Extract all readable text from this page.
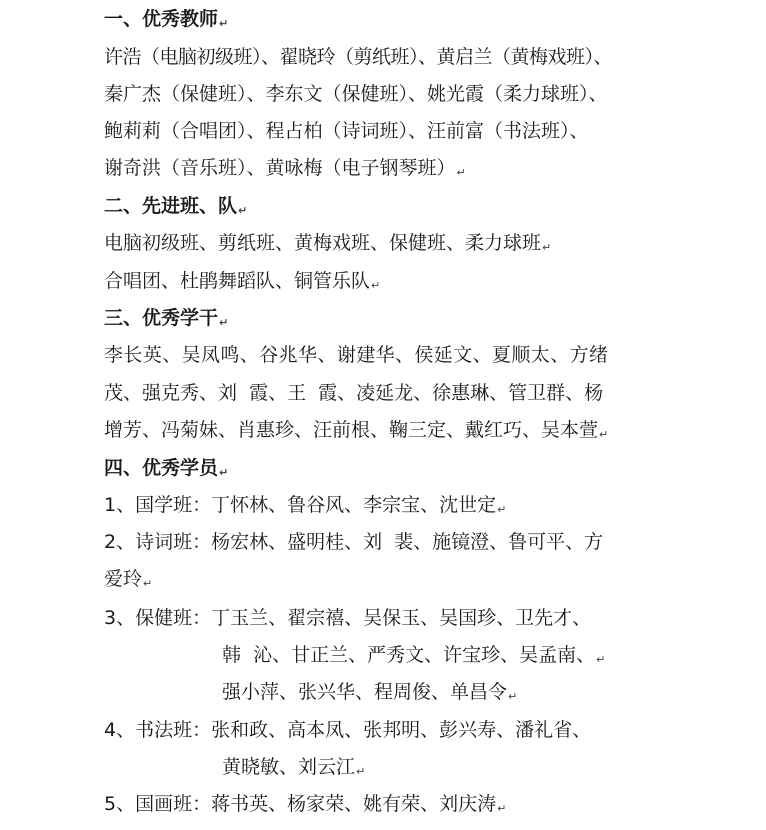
一、优秀教师↵
许浩（电脑初级班）、翟晓玲（剪纸班）、黄启兰（黄梅戏班）、
秦广杰（保健班）、李东文（保健班）、姚光霞（柔力球班）、
鲍莉莉（合唱团）、程占柏（诗词班）、汪前富（书法班）、
谢奇洪（音乐班）、黄咏梅（电子钢琴班）↵
二、先进班、队↵
电脑初级班、剪纸班、黄梅戏班、保健班、柔力球班↵
合唱团、杜鹃舞蹈队、铜管乐队↵
三、优秀学干↵
李长英、吴凤鸣、谷兆华、谢建华、侯延文、夏顺太、方绪
茂、强克秀、刘  霞、王  霞、凌延龙、徐惠琳、管卫群、杨
增芳、冯菊妹、肖惠珍、汪前根、鞠三定、戴红巧、吴本萱↵
四、优秀学员↵
1、国学班：丁怀林、鲁谷风、李宗宝、沈世定↵
2、诗词班：杨宏林、盛明桂、刘  裴、施镜澄、鲁可平、方
爱玲↵
3、保健班：丁玉兰、翟宗禧、吴保玉、吴国珍、卫先才、
韩  沁、甘正兰、严秀文、许宝珍、吴孟南、↵
强小萍、张兴华、程周俊、单昌令↵
4、书法班：张和政、高本凤、张邦明、彭兴寿、潘礼省、
黄晓敏、刘云江↵
5、国画班：蒋书英、杨家荣、姚有荣、刘庆涛↵
